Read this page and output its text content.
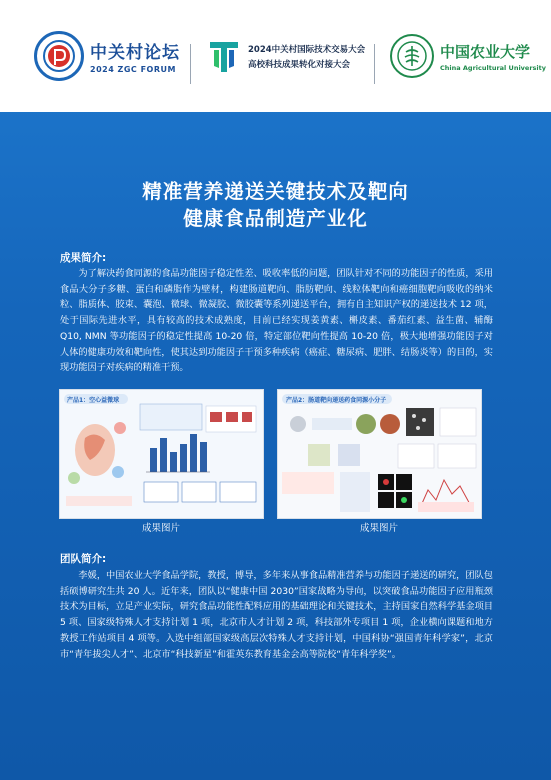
中关村论坛
2024 ZGC FORUM
2024中关村国际技术交易大会
高校科技成果转化对接大会
中国农业大学
China Agricultural University
精准营养递送关键技术及靶向
健康食品制造产业化
成果简介:

为了解决药食同源的食品功能因子稳定性差、吸收率低的问题，团队针对不同的功能因子的性质，采用食品大分子多糖、蛋白和磷脂作为壁材，构建肠道靶向、脂肪靶向、线粒体靶向和癌细胞靶向吸收的纳米粒、脂质体、胶束、囊泡、微球、微凝胶、微胶囊等系列递送平台，拥有自主知识产权的递送技术 12 项，处于国际先进水平，具有较高的技术成熟度，目前已经实现姜黄素、槲皮素、番茄红素、益生菌、辅酶 Q10, NMN 等功能因子的稳定性提高 10-20 倍，特定部位靶向性提高 10-20 倍，极大地增强功能因子对人体的健康功效和靶向性，使其达到功能因子干预多种疾病（癌症、糖尿病、肥胖、结肠炎等）的目的，实现功能因子对疾病的精准干预。

产品1：空心益微球	产品2：肠道靶向递送药食同源小分子
成果图片	成果图片
团队简介:

李媛，中国农业大学食品学院，教授，博导，多年来从事食品精准营养与功能因子递送的研究，团队包括硕博研究生共 20 人。近年来，团队以“健康中国 2030”国家战略为导向，以突破食品功能因子应用瓶颈技术为目标，立足产业实际，研究食品功能性配料应用的基础理论和关键技术，主持国家自然科学基金项目 5 项、国家级特殊人才支持计划 1 项，北京市人才计划 2 项，科技部外专项目 1 项，企业横向课题和地方教授工作站项目 4 项等。入选中组部国家级高层次特殊人才支持计划，中国科协“强国青年科学家”，北京市“青年拔尖人才”、北京市“科技新星”和霍英东教育基金会高等院校“青年科学奖”。
